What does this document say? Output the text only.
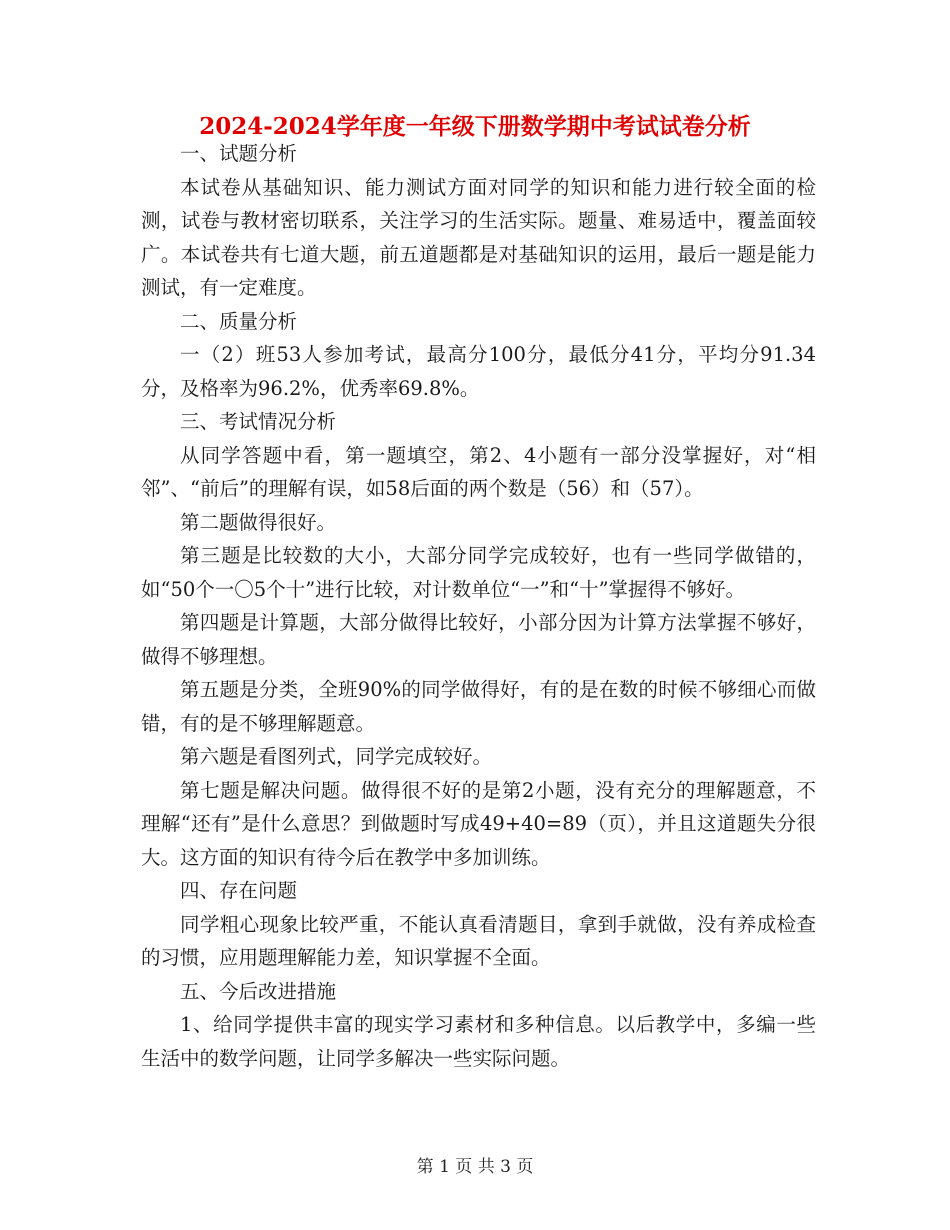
2024-2024学年度一年级下册数学期中考试试卷分析

一、试题分析

本试卷从基础知识、能力测试方面对同学的知识和能力进行较全面的检测，试卷与教材密切联系，关注学习的生活实际。题量、难易适中，覆盖面较广。本试卷共有七道大题，前五道题都是对基础知识的运用，最后一题是能力测试，有一定难度。

二、质量分析

一（2）班53人参加考试，最高分100分，最低分41分，平均分91.34分，及格率为96.2%，优秀率69.8%。

三、考试情况分析

从同学答题中看，第一题填空，第2、4小题有一部分没掌握好，对“相邻”、“前后”的理解有误，如58后面的两个数是（56）和（57）。

第二题做得很好。

第三题是比较数的大小，大部分同学完成较好，也有一些同学做错的，如“50个一〇5个十”进行比较，对计数单位“一”和“十”掌握得不够好。

第四题是计算题，大部分做得比较好，小部分因为计算方法掌握不够好，做得不够理想。

第五题是分类，全班90%的同学做得好，有的是在数的时候不够细心而做错，有的是不够理解题意。

第六题是看图列式，同学完成较好。

第七题是解决问题。做得很不好的是第2小题，没有充分的理解题意，不理解“还有”是什么意思？到做题时写成49+40=89（页），并且这道题失分很大。这方面的知识有待今后在教学中多加训练。

四、存在问题

同学粗心现象比较严重，不能认真看清题目，拿到手就做，没有养成检查的习惯，应用题理解能力差，知识掌握不全面。

五、今后改进措施

1、给同学提供丰富的现实学习素材和多种信息。以后教学中，多编一些生活中的数学问题，让同学多解决一些实际问题。

第 1 页 共 3 页
